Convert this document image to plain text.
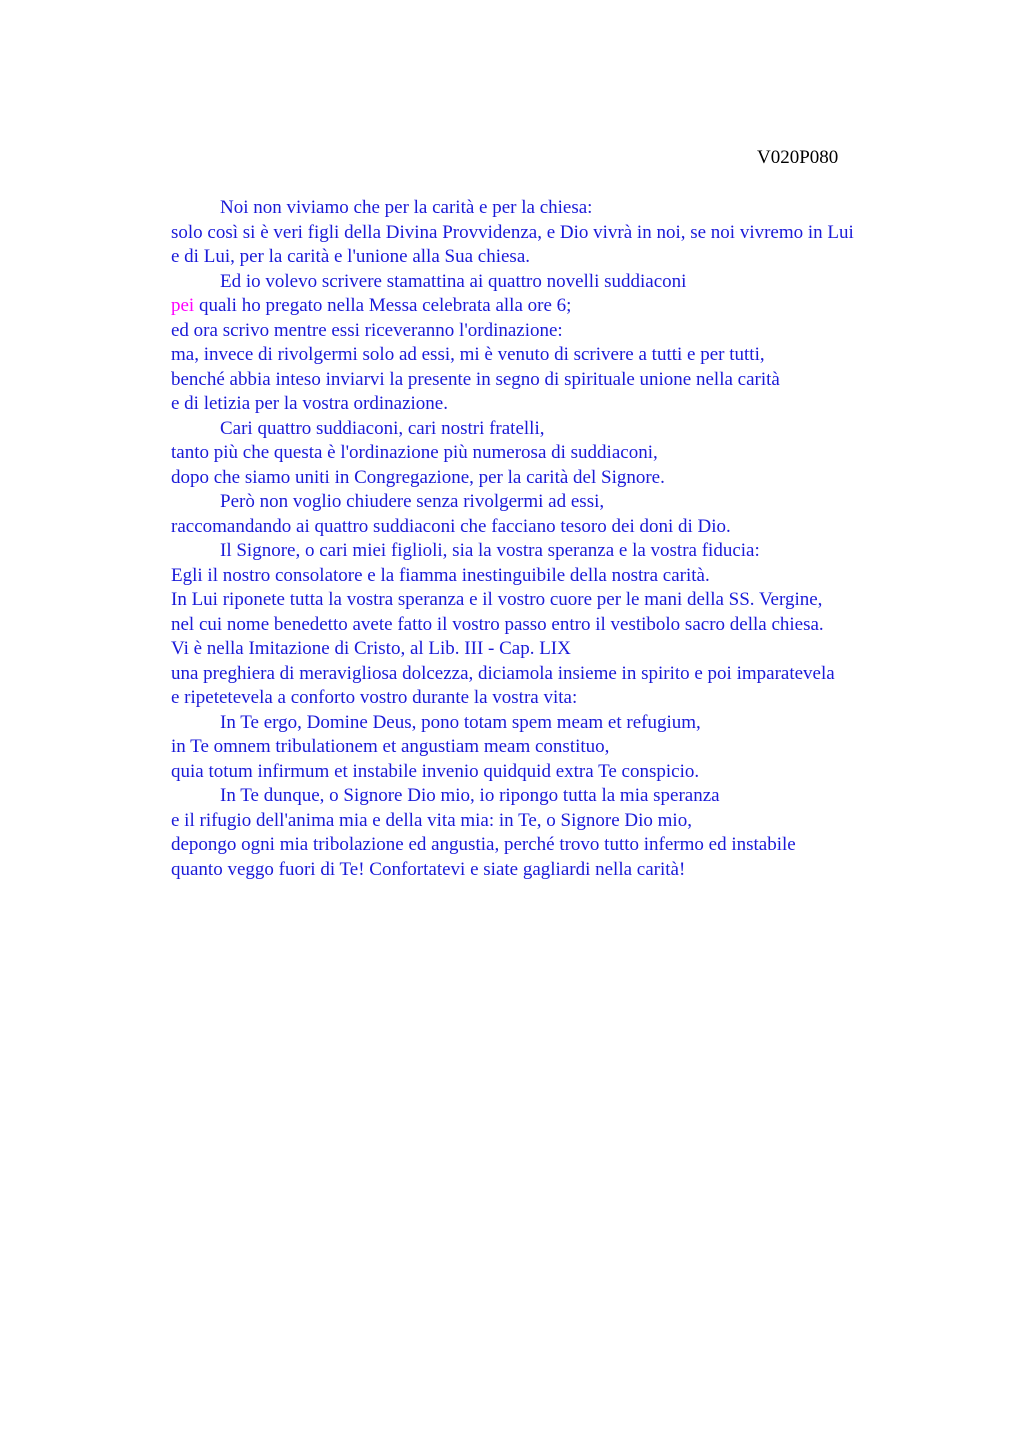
V020P080
Noi non viviamo che per la carità e per la chiesa:
solo così si è veri figli della Divina Provvidenza, e Dio vivrà in noi, se noi vivremo in Lui
e di Lui, per la carità e l'unione alla Sua chiesa.
Ed io volevo scrivere stamattina ai quattro novelli suddiaconi
pei quali ho pregato nella Messa celebrata alla ore 6;
ed ora scrivo mentre essi riceveranno l'ordinazione:
ma, invece di rivolgermi solo ad essi, mi è venuto di scrivere a tutti e per tutti,
benché abbia inteso inviarvi la presente in segno di spirituale unione nella carità
e di letizia per la vostra ordinazione.
Cari quattro suddiaconi, cari nostri fratelli,
tanto più che questa è l'ordinazione più numerosa di suddiaconi,
dopo che siamo uniti in Congregazione, per la carità del Signore.
Però non voglio chiudere senza rivolgermi ad essi,
raccomandando ai quattro suddiaconi che facciano tesoro dei doni di Dio.
Il Signore, o cari miei figlioli, sia la vostra speranza e la vostra fiducia:
Egli il nostro consolatore e la fiamma inestinguibile della nostra carità.
In Lui riponete tutta la vostra speranza e il vostro cuore per le mani della SS. Vergine,
nel cui nome benedetto avete fatto il vostro passo entro il vestibolo sacro della chiesa.
Vi è nella Imitazione di Cristo, al Lib. III - Cap. LIX
una preghiera di meravigliosa dolcezza, diciamola insieme in spirito e poi imparatevela
e ripetetevela a conforto vostro durante la vostra vita:
In Te ergo, Domine Deus, pono totam spem meam et refugium,
in Te omnem tribulationem et angustiam meam constituo,
quia totum infirmum et instabile invenio quidquid extra Te conspicio.
In Te dunque, o Signore Dio mio, io ripongo tutta la mia speranza
e il rifugio dell'anima mia e della vita mia: in Te, o Signore Dio mio,
depongo ogni mia tribolazione ed angustia, perché trovo tutto infermo ed instabile
quanto veggo fuori di Te! Confortatevi e siate gagliardi nella carità!
